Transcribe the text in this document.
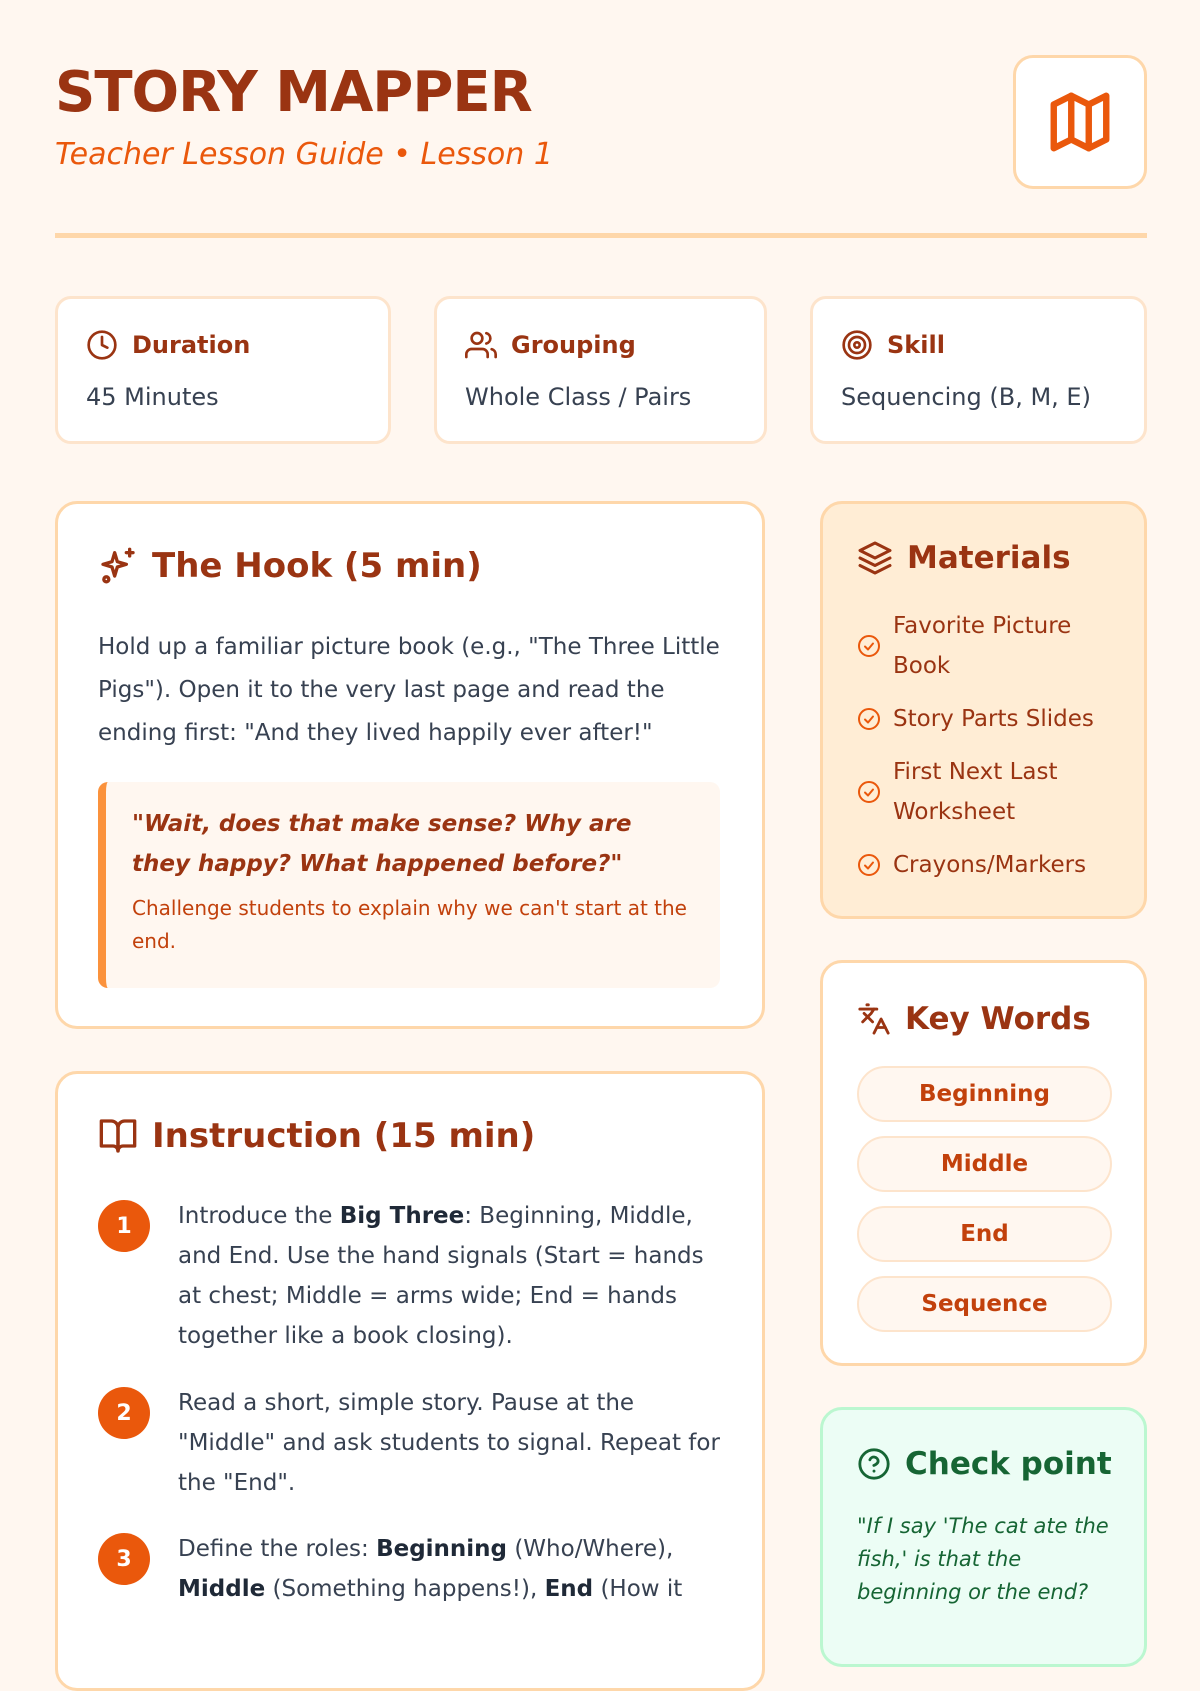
STORY MAPPER

Teacher Lesson Guide • Lesson 1

Duration
45 Minutes
Grouping
Whole Class / Pairs
Skill
Sequencing (B, M, E)
The Hook (5 min)

Hold up a familiar picture book (e.g., "The Three Little Pigs"). Open it to the very last page and read the ending first: "And they lived happily ever after!"

"Wait, does that make sense? Why are they happy? What happened before?"

Challenge students to explain why we can't start at the end.

Instruction (15 min)
1	Introduce the Big Three: Beginning, Middle, and End. Use the hand signals (Start = hands at chest; Middle = arms wide; End = hands together like a book closing).

2	Read a short, simple story. Pause at the "Middle" and ask students to signal. Repeat for the "End".

3	Define the roles: Beginning (Who/Where), Middle (Something happens!), End (How it

Materials
Favorite Picture Book
Story Parts Slides
First Next Last Worksheet
Crayons/Markers
Key Words
Beginning
Middle
End
Sequence
Check point

"If I say 'The cat ate the fish,' is that the beginning or the end?
